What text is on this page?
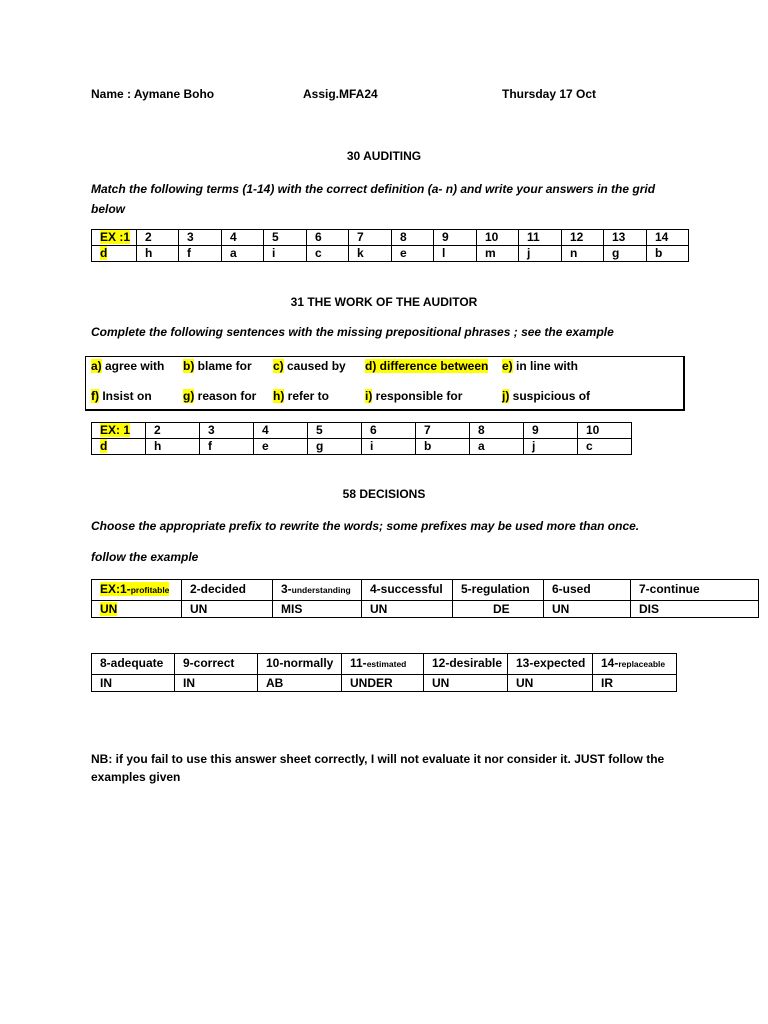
Name : Aymane Boho	Assig.MFA24	Thursday 17 Oct
30 AUDITING
Match the following terms (1-14) with the correct definition (a- n) and write your answers in the grid below
EX :1	2	3	4	5	6	7	8	9	10	11	12	13	14
d	h	f	a	i	c	k	e	l	m	j	n	g	b
31 THE WORK OF THE AUDITOR
Complete the following sentences with the missing prepositional phrases ; see the example
a) agree with b) blame for c) caused by d) difference between e) in line with
f) Insist on	g) reason for h) refer to	i) responsible for	j) suspicious of
EX: 1	2	3	4	5	6	7	8	9	10
d	h	f	e	g	i	b	a	j	c
58 DECISIONS
Choose the appropriate prefix to rewrite the words; some prefixes may be used more than once.
follow the example
EX:1-profitable	2-decided	3-understanding	4-successful	5-regulation	6-used	7-continue
UN	UN	MIS	UN	DE	UN	DIS
8-adequate	9-correct	10-normally	11-estimated	12-desirable	13-expected	14-replaceable
IN	IN	AB	UNDER	UN	UN	IR
NB: if you fail to use this answer sheet correctly, I will not evaluate it nor consider it. JUST follow the examples given
